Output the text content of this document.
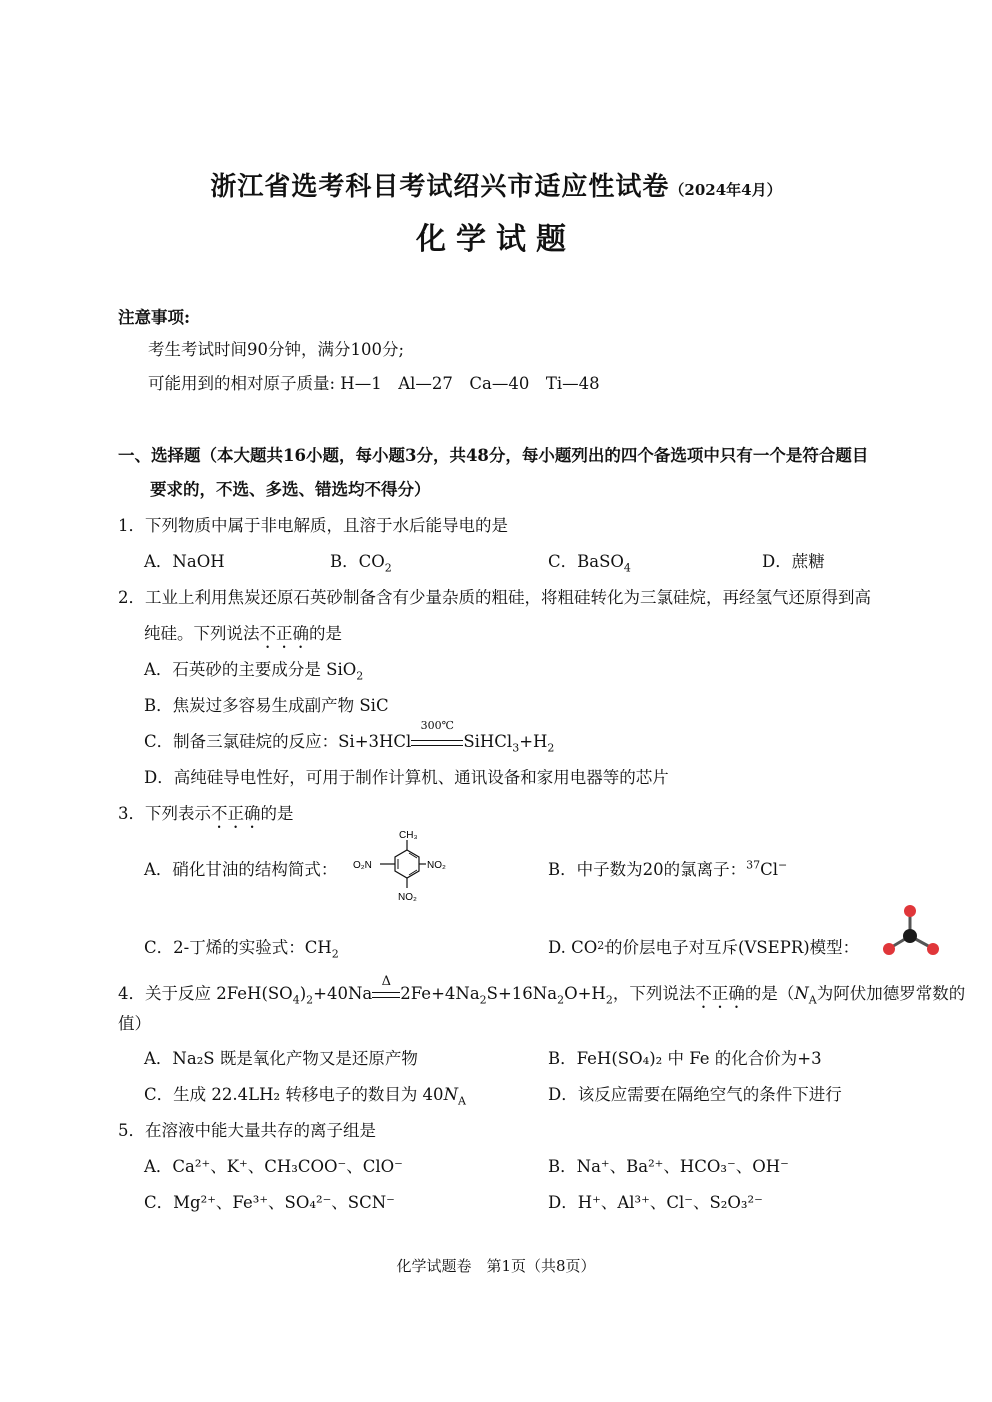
浙江省选考科目考试绍兴市适应性试卷（2024年4月）
化学试题
注意事项:
考生考试时间90分钟，满分100分;
可能用到的相对原子质量: H—1　Al—27　Ca—40　Ti—48
一、选择题（本大题共16小题，每小题3分，共48分，每小题列出的四个备选项中只有一个是符合题目
要求的，不选、多选、错选均不得分）
1．下列物质中属于非电解质，且溶于水后能导电的是
A．NaOH	B．$CO_2$	C．BaSO$_4$	D．蔗糖
2．工业上利用焦炭还原石英砂制备含有少量杂质的粗硅，将粗硅转化为三氯硅烷，再经氢气还原得到高
纯硅。下列说法不正确的是
A．石英砂的主要成分是 SiO$_2$
B．焦炭过多容易生成副产物 SiC
C．制备三氯硅烷的反应：Si+3HCl
300℃
$SiHCl_3+H_2$
D．高纯硅导电性好，可用于制作计算机、通讯设备和家用电器等的芯片
3．下列表示不正确的是
A．硝化甘油的结构简式：
CH₃
O₂N	NO₂
NO₂
B．中子数为20的氯离子：$^{37}$Cl−
C．2-丁烯的实验式：$CH_2$	D. $CO_{^{2-}}$的价层电子对互斥(VSEPR)模型：
4．关于反应 $2FeH(SO_4)_2+40Na$
Δ
$2Fe+4Na_2S+16Na_2O+H_2$，下列说法不正确的是（$N_A$为阿伏加德罗常数的
值）
A．Na₂S 既是氧化产物又是还原产物	B．FeH(SO₄)₂ 中 Fe 的化合价为+3
C．生成 22.4LH₂ 转移电子的数目为 $40N_A$	D．该反应需要在隔绝空气的条件下进行
5．在溶液中能大量共存的离子组是
A．Ca²⁺、K⁺、CH₃COO⁻、ClO⁻	B．Na⁺、Ba²⁺、HCO₃⁻、OH⁻
C．Mg²⁺、Fe³⁺、SO₄²⁻、SCN⁻	D．H⁺、Al³⁺、Cl⁻、S₂O₃²⁻
化学试题卷　第1页（共8页）
